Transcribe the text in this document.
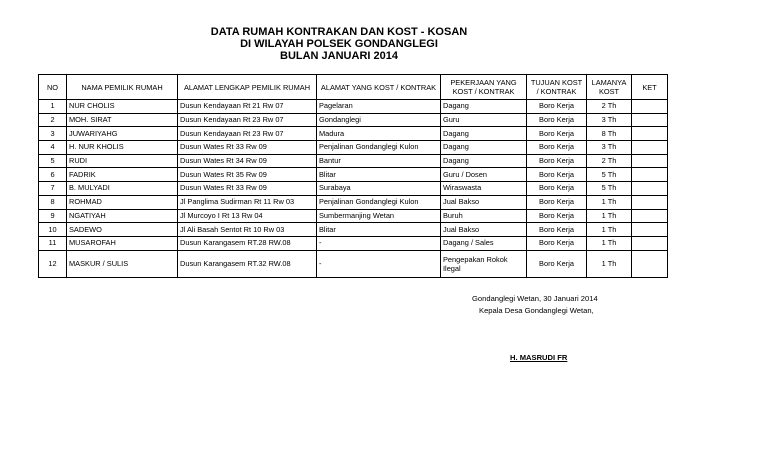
DATA RUMAH KONTRAKAN DAN KOST - KOSAN
DI WILAYAH POLSEK GONDANGLEGI
BULAN JANUARI 2014
NO	NAMA PEMILIK RUMAH	ALAMAT LENGKAP PEMILIK RUMAH	ALAMAT YANG KOST / KONTRAK	PEKERJAAN YANG KOST / KONTRAK	TUJUAN KOST / KONTRAK	LAMANYA KOST	KET
1	NUR CHOLIS	Dusun Kendayaan Rt 21 Rw 07	Pagelaran	Dagang	Boro Kerja	2 Th	
2	MOH. SIRAT	Dusun Kendayaan Rt 23 Rw 07	Gondanglegi	Guru	Boro Kerja	3 Th	
3	JUWARIYAHG	Dusun Kendayaan Rt 23 Rw 07	Madura	Dagang	Boro Kerja	8 Th	
4	H. NUR KHOLIS	Dusun Wates Rt 33 Rw 09	Penjalinan Gondanglegi Kulon	Dagang	Boro Kerja	3 Th	
5	RUDI	Dusun Wates Rt 34 Rw 09	Bantur	Dagang	Boro Kerja	2 Th	
6	FADRIK	Dusun Wates Rt 35 Rw 09	Blitar	Guru / Dosen	Boro Kerja	5 Th	
7	B. MULYADI	Dusun Wates Rt 33 Rw 09	Surabaya	Wiraswasta	Boro Kerja	5 Th	
8	ROHMAD	Jl Panglima Sudirman Rt 11 Rw 03	Penjalinan Gondanglegi Kulon	Jual Bakso	Boro Kerja	1 Th	
9	NGATIYAH	Jl Murcoyo I Rt 13 Rw 04	Sumbermanjing Wetan	Buruh	Boro Kerja	1 Th	
10	SADEWO	Jl Ali Basah Sentot Rt 10 Rw 03	Blitar	Jual Bakso	Boro Kerja	1 Th	
11	MUSAROFAH	Dusun Karangasem RT.28 RW.08	-	Dagang / Sales	Boro Kerja	1 Th	
12	MASKUR / SULIS	Dusun Karangasem RT.32 RW.08	-	Pengepakan Rokok Ilegal	Boro Kerja	1 Th	
Gondanglegi Wetan, 30 Januari 2014
Kepala Desa Gondanglegi Wetan,
H. MASRUDI FR
